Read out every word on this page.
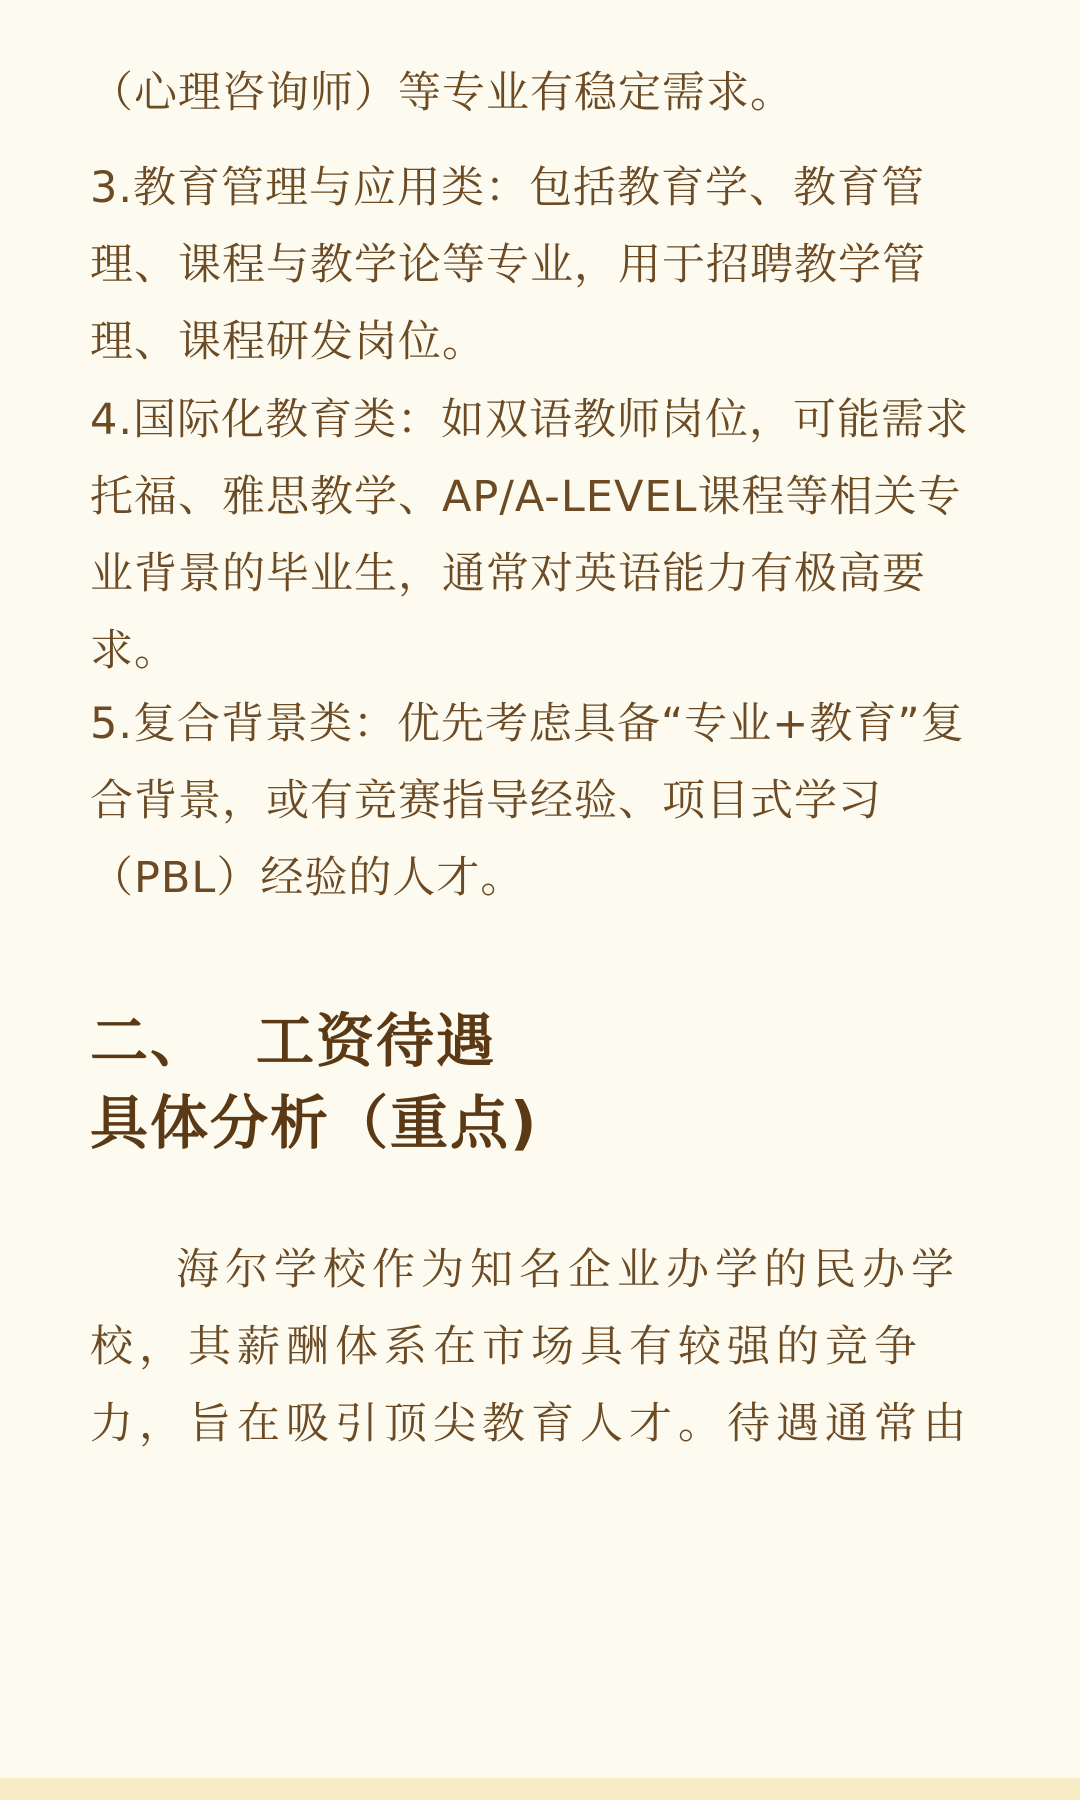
（心理咨询师）等专业有稳定需求。

3.教育管理与应用类：包括教育学、教育管理、课程与教学论等专业，用于招聘教学管理、课程研发岗位。

4.国际化教育类：如双语教师岗位，可能需求托福、雅思教学、AP/A-LEVEL课程等相关专业背景的毕业生，通常对英语能力有极高要求。

5.复合背景类：优先考虑具备“专业+教育”复合背景，或有竞赛指导经验、项目式学习（PBL）经验的人才。

二、 工资待遇
具体分析（重点)

海尔学校作为知名企业办学的民办学校，其薪酬体系在市场具有较强的竞争力，旨在吸引顶尖教育人才。待遇通常由
